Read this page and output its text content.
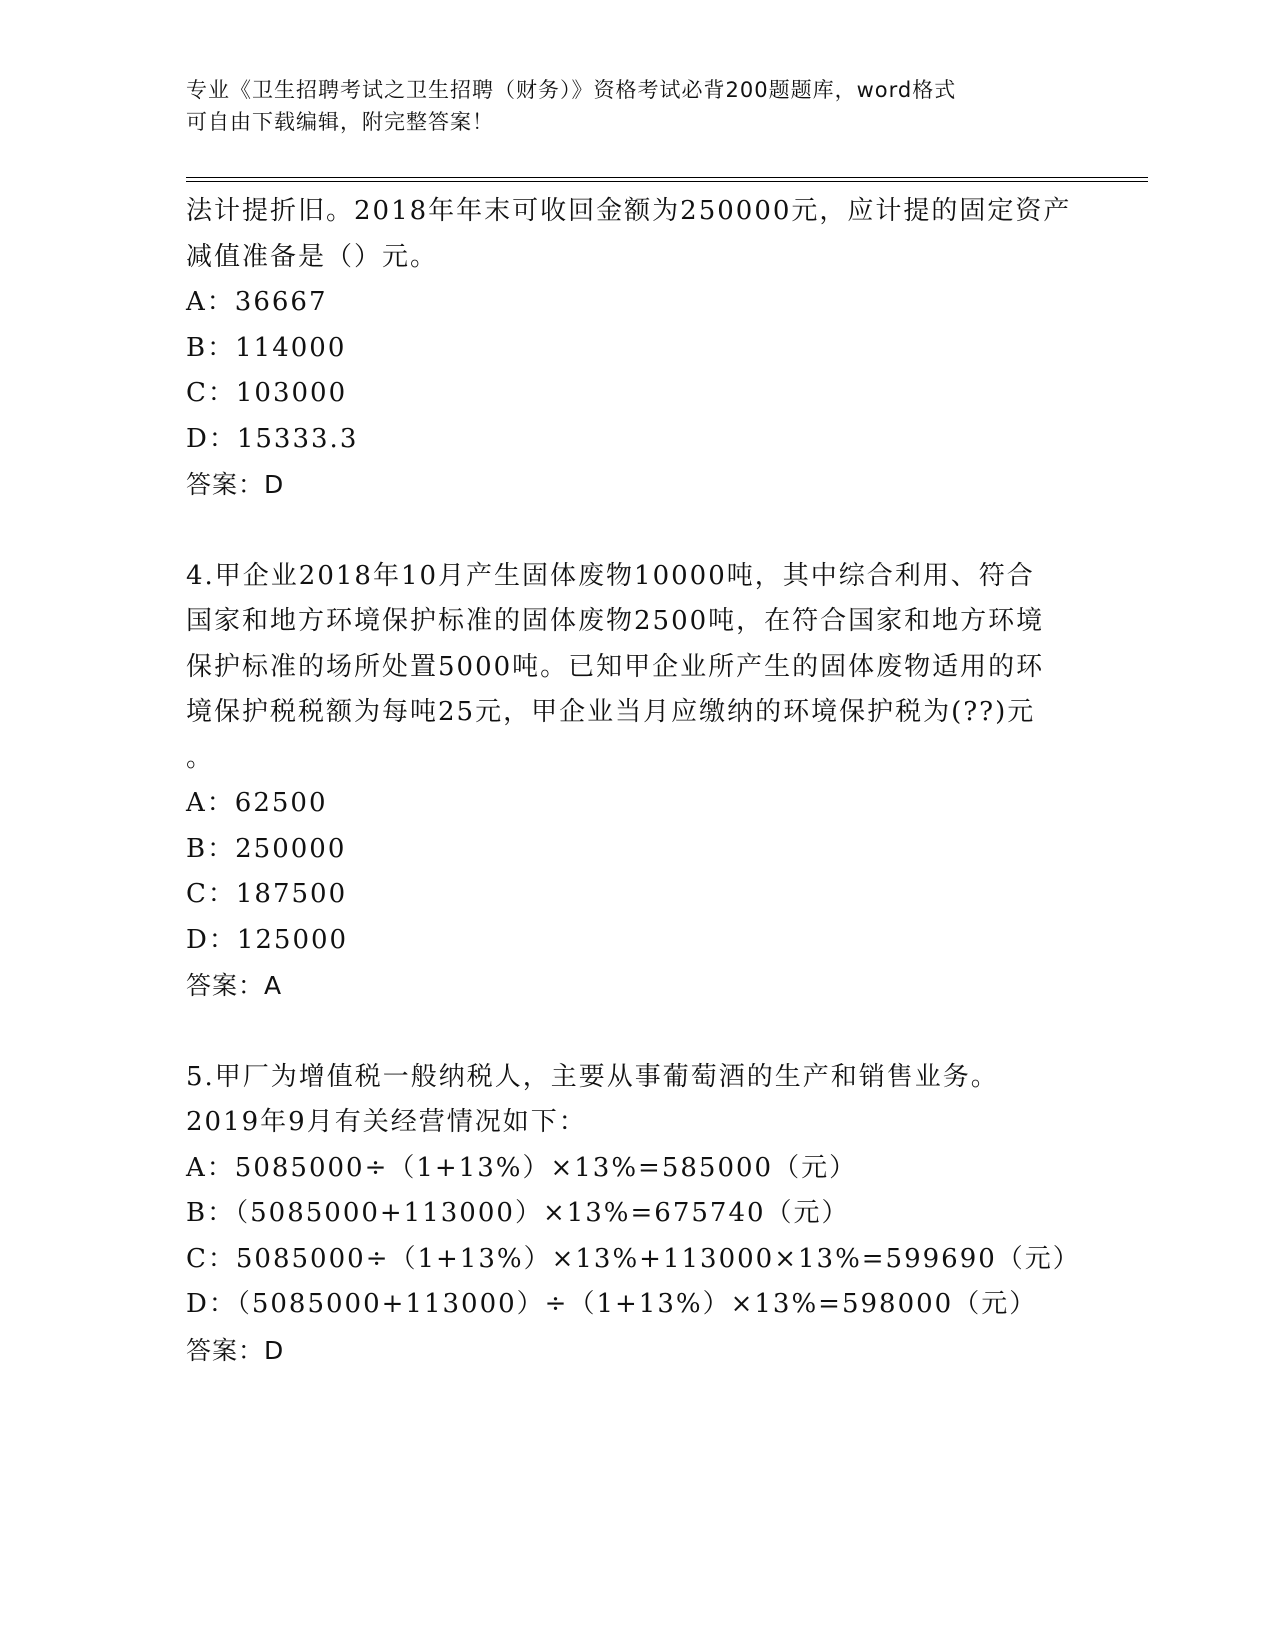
专业《卫生招聘考试之卫生招聘（财务）》资格考试必背200题题库，word格式
可自由下载编辑，附完整答案！
法计提折旧。2018年年末可收回金额为250000元，应计提的固定资产
减值准备是（）元。
A：36667
B：114000
C：103000
D：15333.3
答案：D
4.甲企业2018年10月产生固体废物10000吨，其中综合利用、符合
国家和地方环境保护标准的固体废物2500吨，在符合国家和地方环境
保护标准的场所处置5000吨。已知甲企业所产生的固体废物适用的环
境保护税税额为每吨25元，甲企业当月应缴纳的环境保护税为(??)元
。
A：62500
B：250000
C：187500
D：125000
答案：A
5.甲厂为增值税一般纳税人，主要从事葡萄酒的生产和销售业务。
2019年9月有关经营情况如下：
A：5085000÷（1+13%）×13%=585000（元）
B：（5085000+113000）×13%=675740（元）
C：5085000÷（1+13%）×13%+113000×13%=599690（元）
D：（5085000+113000）÷（1+13%）×13%=598000（元）
答案：D
